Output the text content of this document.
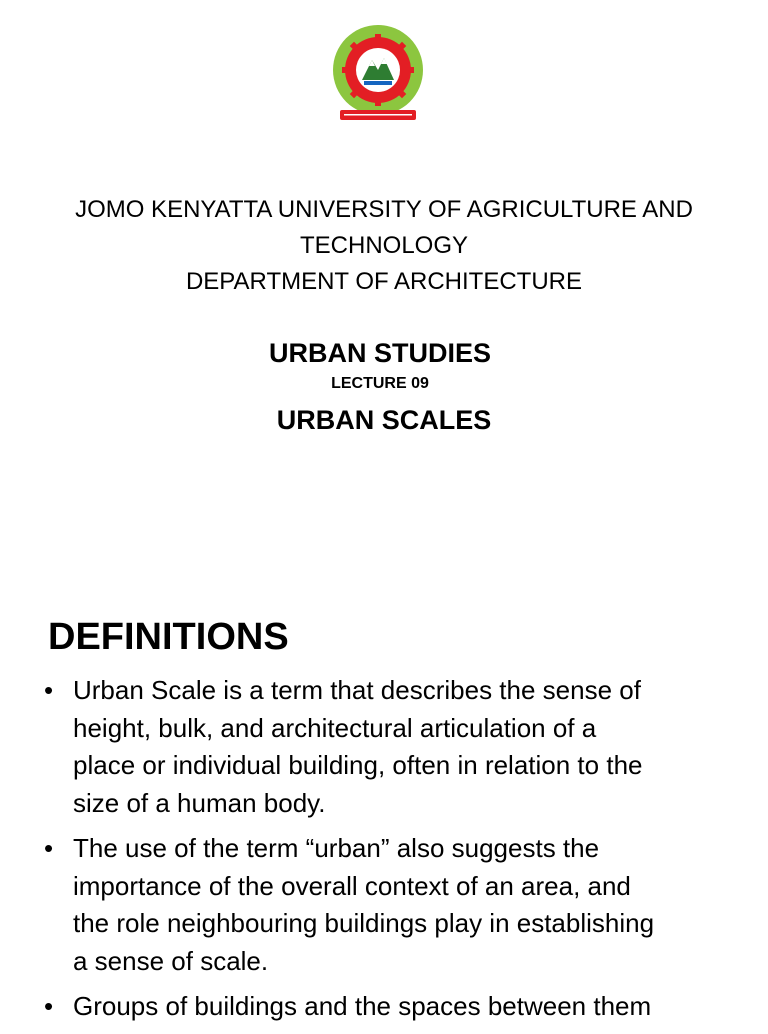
JOMO KENYATTA UNIVERSITY OF AGRICULTURE AND
TECHNOLOGY
DEPARTMENT OF ARCHITECTURE
URBAN STUDIES
LECTURE 09
URBAN SCALES
DEFINITIONS
• Urban Scale is a term that describes the sense of
height, bulk, and architectural articulation of a
place or individual building, often in relation to the
size of a human body.
• The use of the term “urban” also suggests the
importance of the overall context of an area, and
the role neighbouring buildings play in establishing
a sense of scale.
• Groups of buildings and the spaces between them
